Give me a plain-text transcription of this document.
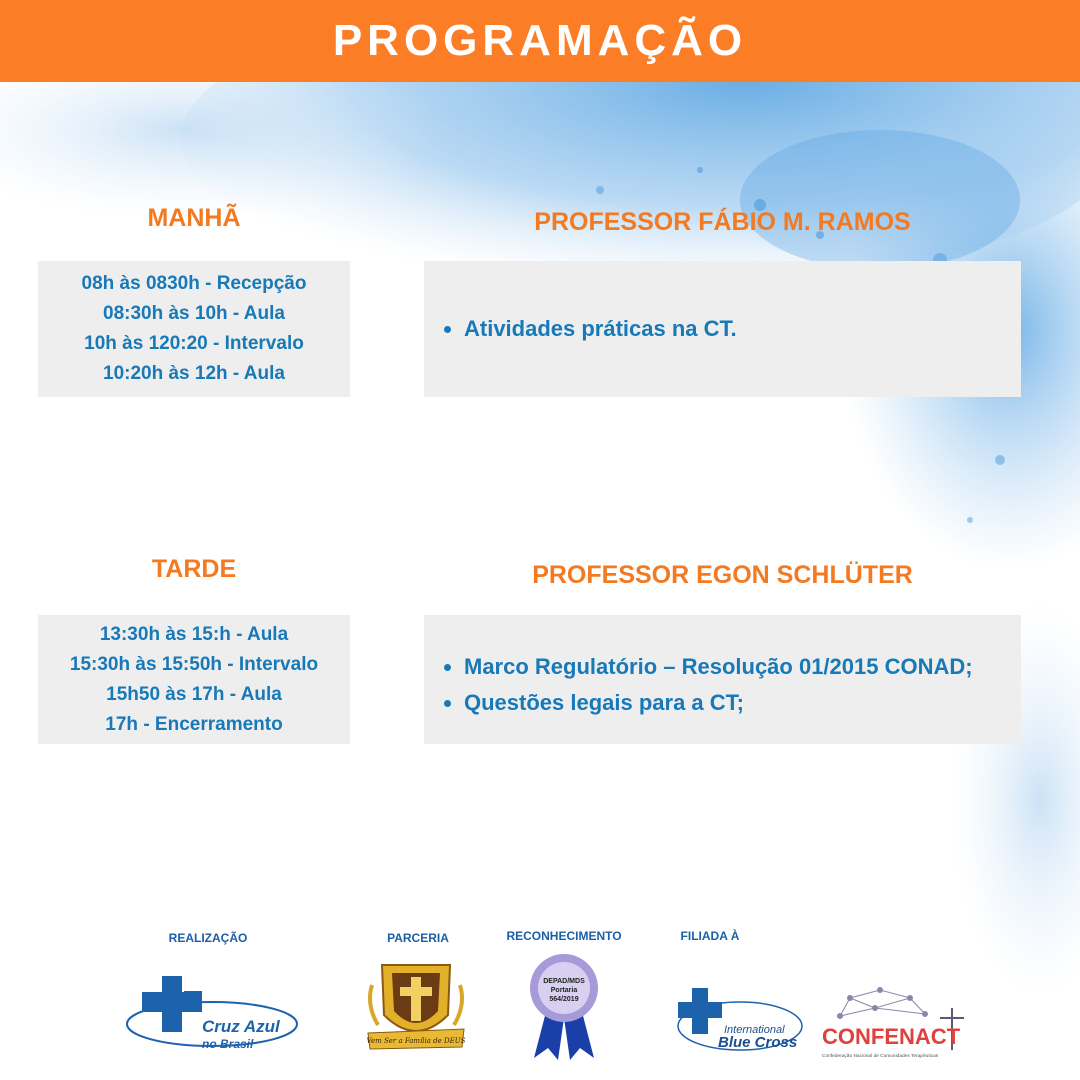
PROGRAMAÇÃO
MANHÃ	PROFESSOR FÁBIO M. RAMOS
08h às 0830h - Recepção
08:30h às 10h - Aula
10h às 120:20 - Intervalo
10:20h às 12h - Aula
• Atividades práticas na CT.
TARDE	PROFESSOR EGON SCHLÜTER
13:30h às 15:h - Aula
15:30h às 15:50h - Intervalo
15h50 às 17h - Aula
17h - Encerramento
• Marco Regulatório – Resolução 01/2015 CONAD;
• Questões legais para a CT;
REALIZAÇÃO	PARCERIA	RECONHECIMENTO	FILIADA À
Cruz Azul
no Brasil	Vem Ser a Família de DEUS
DEPAD/MDS
Portaria
564/2019
International
Blue Cross CONFENACT
Confederação Nacional de Comunidades Terapêuticas
